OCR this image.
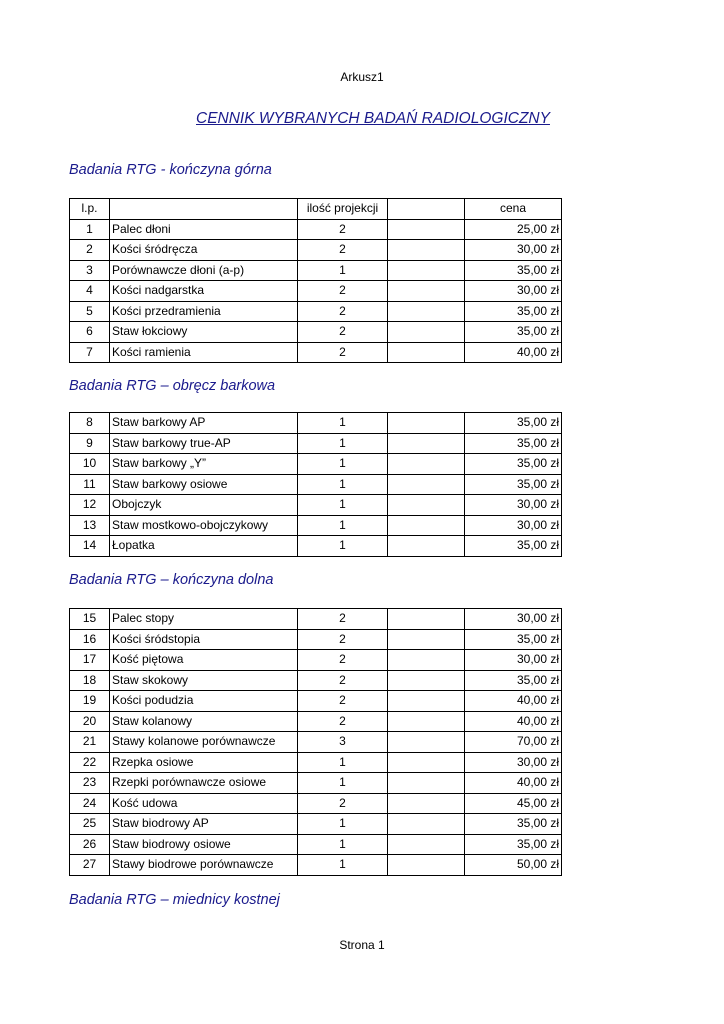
Arkusz1
CENNIK WYBRANYCH BADAŃ RADIOLOGICZNY
Badania RTG - kończyna górna
l.p.		ilość projekcji		cena
1	Palec dłoni	2		25,00 zł
2	Kości śródręcza	2		30,00 zł
3	Porównawcze dłoni (a-p)	1		35,00 zł
4	Kości nadgarstka	2		30,00 zł
5	Kości przedramienia	2		35,00 zł
6	Staw łokciowy	2		35,00 zł
7	Kości ramienia	2		40,00 zł
Badania RTG – obręcz barkowa
8	Staw barkowy AP	1		35,00 zł
9	Staw barkowy true-AP	1		35,00 zł
10	Staw barkowy „Y”	1		35,00 zł
11	Staw barkowy osiowe	1		35,00 zł
12	Obojczyk	1		30,00 zł
13	Staw mostkowo-obojczykowy	1		30,00 zł
14	Łopatka	1		35,00 zł
Badania RTG – kończyna dolna
15	Palec stopy	2		30,00 zł
16	Kości śródstopia	2		35,00 zł
17	Kość piętowa	2		30,00 zł
18	Staw skokowy	2		35,00 zł
19	Kości podudzia	2		40,00 zł
20	Staw kolanowy	2		40,00 zł
21	Stawy kolanowe porównawcze	3		70,00 zł
22	Rzepka osiowe	1		30,00 zł
23	Rzepki porównawcze osiowe	1		40,00 zł
24	Kość udowa	2		45,00 zł
25	Staw biodrowy AP	1		35,00 zł
26	Staw biodrowy osiowe	1		35,00 zł
27	Stawy biodrowe porównawcze	1		50,00 zł
Badania RTG – miednicy kostnej
Strona 1
